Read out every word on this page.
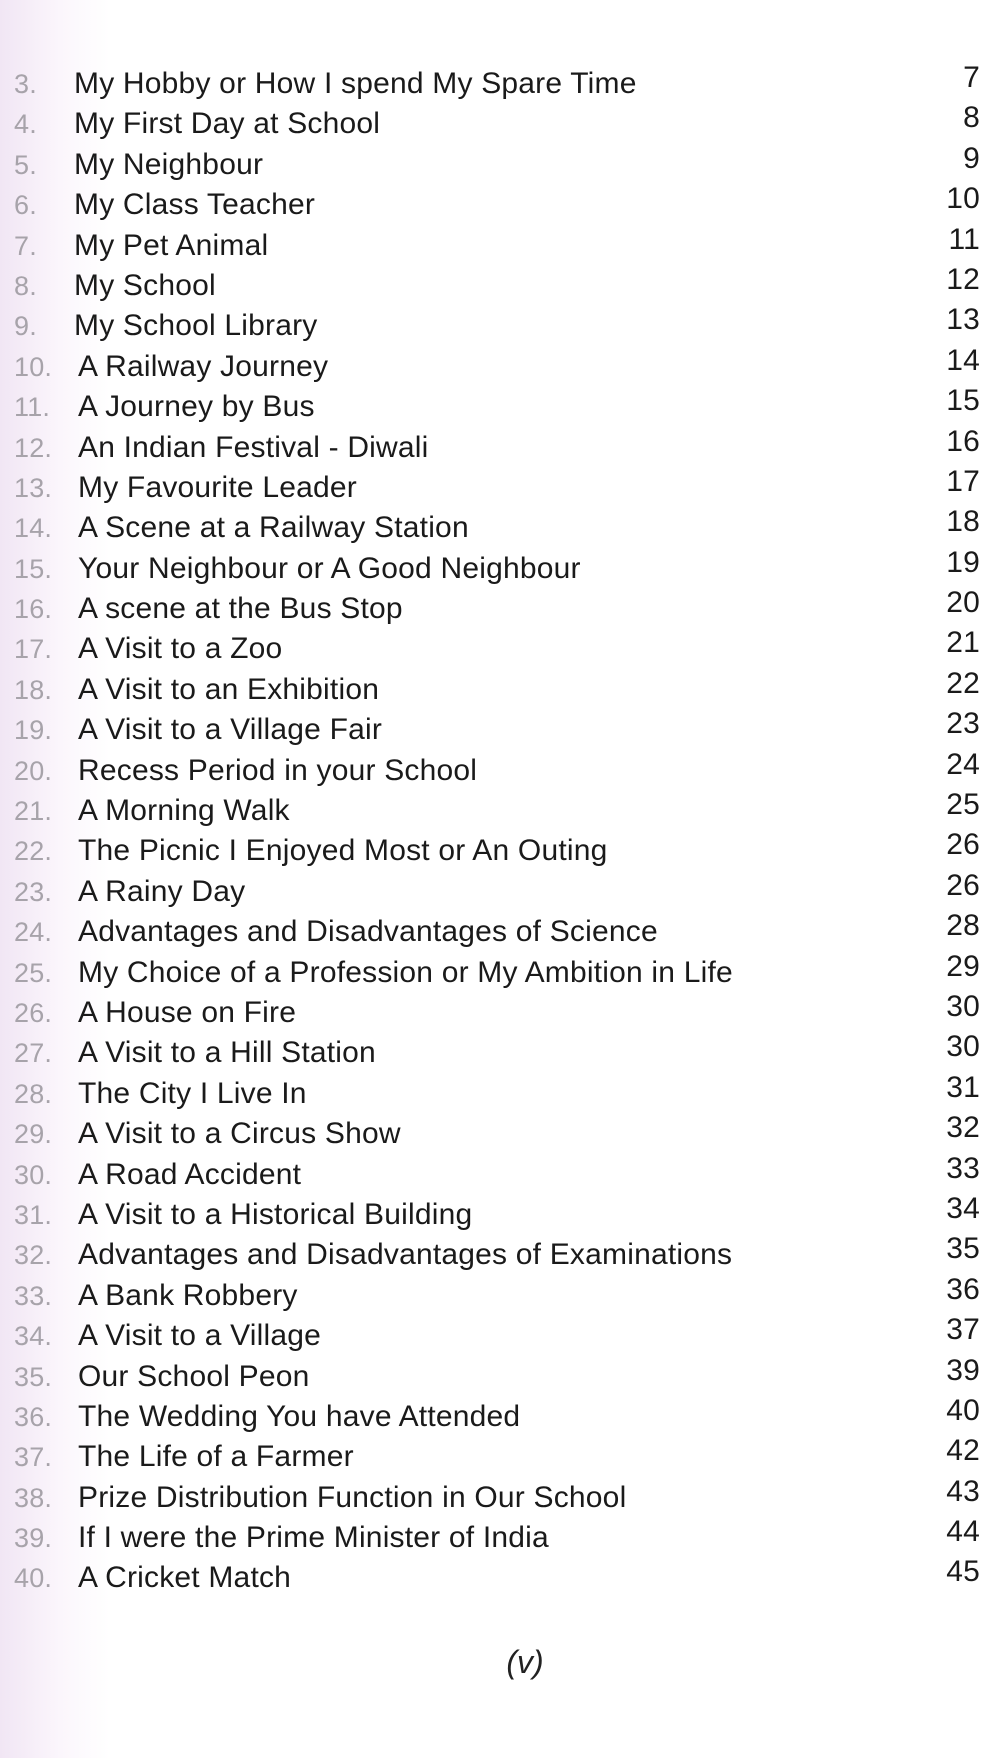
3. My Hobby or How I spend My Spare Time	7
4. My First Day at School	8
5. My Neighbour	9
6. My Class Teacher	10
7. My Pet Animal	11
8. My School	12
9. My School Library	13
10. A Railway Journey	14
11. A Journey by Bus	15
12. An Indian Festival - Diwali	16
13. My Favourite Leader	17
14. A Scene at a Railway Station	18
15. Your Neighbour or A Good Neighbour	19
16. A scene at the Bus Stop	20
17. A Visit to a Zoo	21
18. A Visit to an Exhibition	22
19. A Visit to a Village Fair	23
20. Recess Period in your School	24
21. A Morning Walk	25
22. The Picnic I Enjoyed Most or An Outing	26
23. A Rainy Day	26
24. Advantages and Disadvantages of Science	28
25. My Choice of a Profession or My Ambition in Life	29
26. A House on Fire	30
27. A Visit to a Hill Station	30
28. The City I Live In	31
29. A Visit to a Circus Show	32
30. A Road Accident	33
31. A Visit to a Historical Building	34
32. Advantages and Disadvantages of Examinations	35
33. A Bank Robbery	36
34. A Visit to a Village	37
35. Our School Peon	39
36. The Wedding You have Attended	40
37. The Life of a Farmer	42
38. Prize Distribution Function in Our School	43
39. If I were the Prime Minister of India	44
40. A Cricket Match	45
(v)
